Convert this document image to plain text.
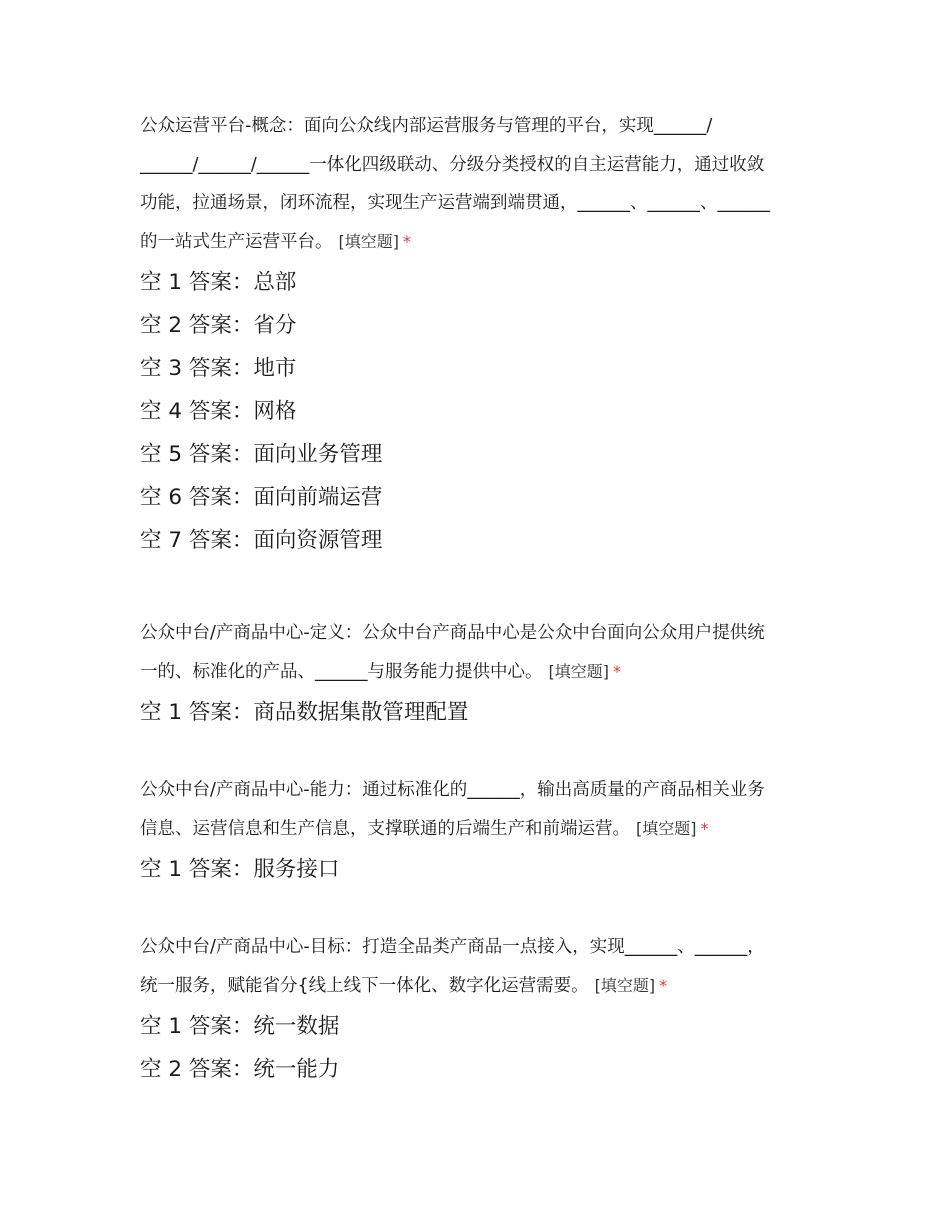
公众运营平台-概念：面向公众线内部运营服务与管理的平台，实现______/

______/______/______一体化四级联动、分级分类授权的自主运营能力，通过收敛

功能，拉通场景，闭环流程，实现生产运营端到端贯通，______、______、______

的一站式生产运营平台。 [填空题] *

空 1 答案：总部

空 2 答案：省分

空 3 答案：地市

空 4 答案：网格

空 5 答案：面向业务管理

空 6 答案：面向前端运营

空 7 答案：面向资源管理

公众中台/产商品中心-定义：公众中台产商品中心是公众中台面向公众用户提供统

一的、标准化的产品、______与服务能力提供中心。 [填空题] *

空 1 答案：商品数据集散管理配置

公众中台/产商品中心-能力：通过标准化的______，输出高质量的产商品相关业务

信息、运营信息和生产信息，支撑联通的后端生产和前端运营。 [填空题] *

空 1 答案：服务接口

公众中台/产商品中心-目标：打造全品类产商品一点接入，实现______、______，

统一服务，赋能省分{线上线下一体化、数字化运营需要。 [填空题] *

空 1 答案：统一数据

空 2 答案：统一能力
